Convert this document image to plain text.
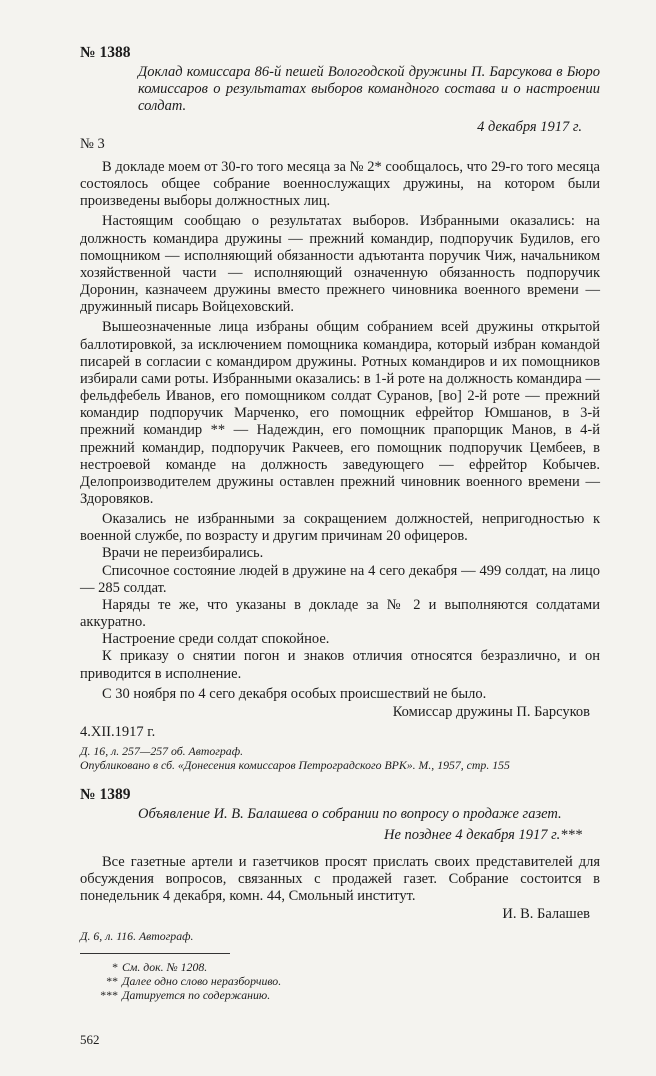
№ 1388

Доклад комиссара 86-й пешей Вологодской дружины П. Барсукова в Бюро комиссаров о результатах выборов командного состава и о настроении солдат.

4 декабря 1917 г.

№ 3

В докладе моем от 30-го того месяца за № 2* сообщалось, что 29-го того месяца состоялось общее собрание военнослужащих дружины, на котором были произведены выборы должностных лиц.

Настоящим сообщаю о результатах выборов. Избранными оказались: на должность командира дружины — прежний командир, подпоручик Будилов, его помощником — исполняющий обязанности адъютанта поручик Чиж, начальником хозяйственной части — исполняющий означенную обязанность подпоручик Доронин, казначеем дружины вместо прежнего чиновника военного времени — дружинный писарь Войцеховский.

Вышеозначенные лица избраны общим собранием всей дружины открытой баллотировкой, за исключением помощника командира, который избран командой писарей в согласии с командиром дружины. Ротных командиров и их помощников избирали сами роты. Избранными оказались: в 1-й роте на должность командира — фельдфебель Иванов, его помощником солдат Суранов, [во] 2-й роте — прежний командир подпоручик Марченко, его помощник ефрейтор Юмшанов, в 3-й прежний командир ** — Надеждин, его помощник прапорщик Манов, в 4-й прежний командир, подпоручик Ракчеев, его помощник подпоручик Цембеев, в нестроевой команде на должность заведующего — ефрейтор Кобычев. Делопроизводителем дружины оставлен прежний чиновник военного времени — Здоровяков.

Оказались не избранными за сокращением должностей, непригодностью к военной службе, по возрасту и другим причинам 20 офицеров.

Врачи не переизбирались.

Списочное состояние людей в дружине на 4 сего декабря — 499 солдат, на лицо — 285 солдат.

Наряды те же, что указаны в докладе за № 2 и выполняются солдатами аккуратно.

Настроение среди солдат спокойное.

К приказу о снятии погон и знаков отличия относятся безразлично, и он приводится в исполнение.

С 30 ноября по 4 сего декабря особых происшествий не было.

Комиссар дружины П. Барсуков

4.XII.1917 г.

Д. 16, л. 257—257 об. Автограф.

Опубликовано в сб. «Донесения комиссаров Петроградского ВРК». М., 1957, стр. 155

№ 1389

Объявление И. В. Балашева о собрании по вопросу о продаже газет.

Не позднее 4 декабря 1917 г.***

Все газетные артели и газетчиков просят прислать своих представителей для обсуждения вопросов, связанных с продажей газет. Собрание состоится в понедельник 4 декабря, комн. 44, Смольный институт.

И. В. Балашев

Д. 6, л. 116. Автограф.

* См. док. № 1208.

** Далее одно слово неразборчиво.

*** Датируется по содержанию.

562
